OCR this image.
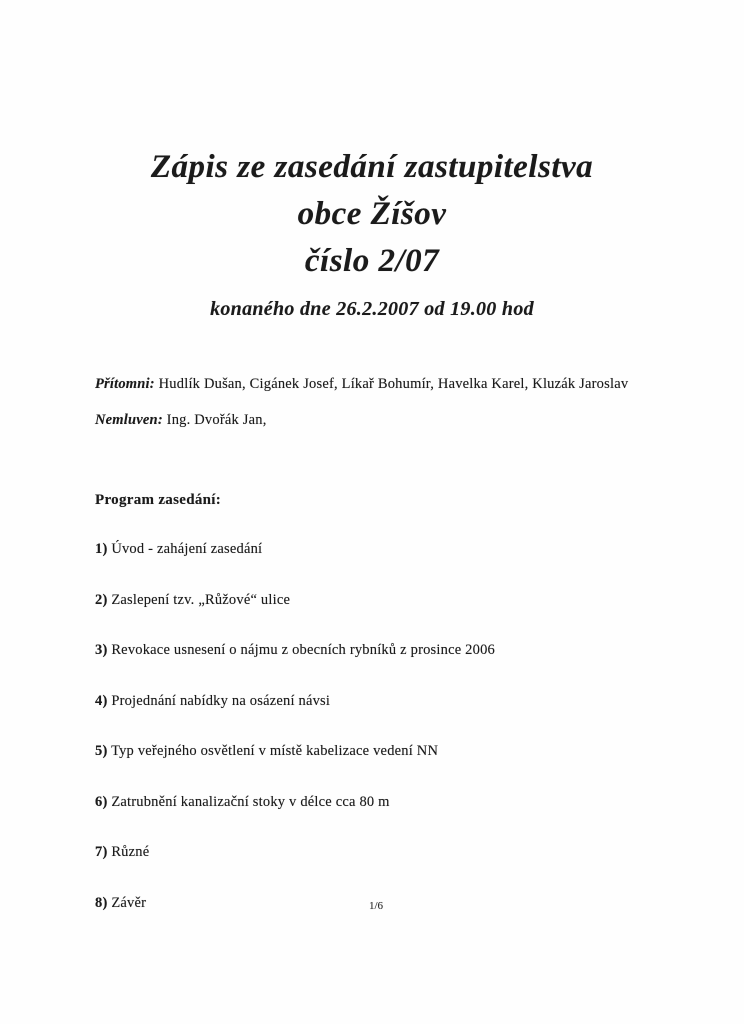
Zápis ze zasedání zastupitelstva
obce Žíšov
číslo 2/07
konaného dne 26.2.2007 od 19.00 hod
Přítomni: Hudlík Dušan, Cigánek Josef, Líkař Bohumír, Havelka Karel, Kluzák Jaroslav
Nemluven: Ing. Dvořák Jan,
Program zasedání:
1) Úvod - zahájení zasedání
2) Zaslepení tzv. „Růžové“ ulice
3) Revokace usnesení o nájmu z obecních rybníků z prosince 2006
4) Projednání nabídky na osázení návsi
5) Typ veřejného osvětlení v místě kabelizace vedení NN
6) Zatrubnění kanalizační stoky v délce cca 80 m
7) Různé
8) Závěr	1/6
